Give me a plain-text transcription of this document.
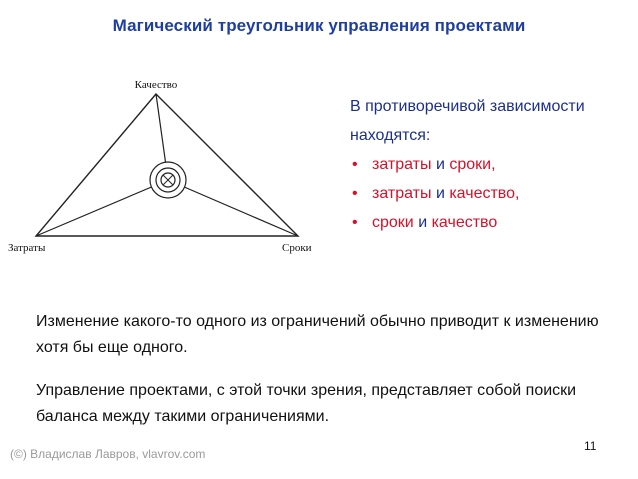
Магический треугольник управления проектами
Качество
Затраты	Сроки
В противоречивой зависимости
находятся:
• затраты и сроки,
• затраты и качество,
• сроки и качество
Изменение какого-то одного из ограничений обычно приводит к изменению хотя бы еще одного.
Управление проектами, с этой точки зрения, представляет собой поиски баланса между такими ограничениями.
11
(©) Владислав Лавров, vlavrov.com
